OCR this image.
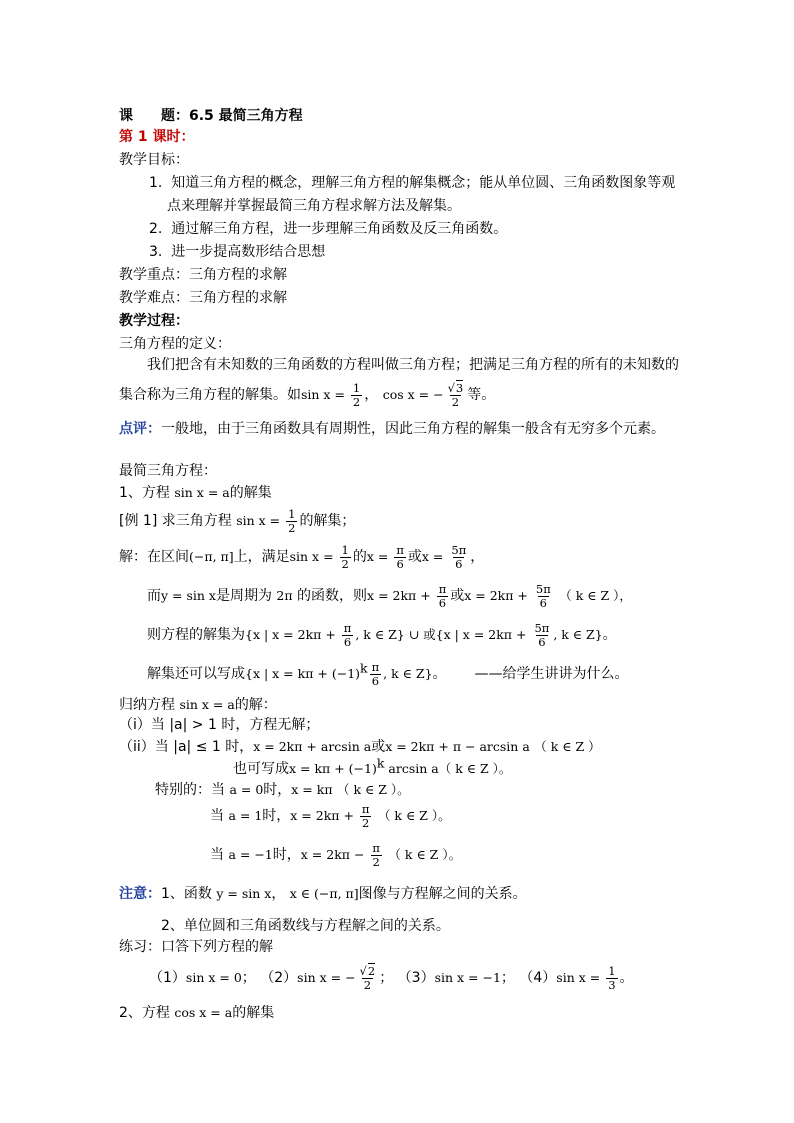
课　　题：6.5 最简三角方程
第 1 课时：
教学目标：
1. 知道三角方程的概念，理解三角方程的解集概念；能从单位圆、三角函数图象等观
点来理解并掌握最简三角方程求解方法及解集。
2. 通过解三角方程，进一步理解三角函数及反三角函数。
3. 进一步提高数形结合思想
教学重点：三角方程的求解
教学难点：三角方程的求解
教学过程：
三角方程的定义：
我们把含有未知数的三角函数的方程叫做三角方程；把满足三角方程的所有的未知数的
集合称为三角方程的解集。如$\sin x = \frac{1}{2}$ ， cos x = − $\frac{√3}{2}$ 等。
点评：一般地，由于三角函数具有周期性，因此三角方程的解集一般含有无穷多个元素。
最简三角方程：
1、方程 sin x = a的解集
[例 1] 求三角方程 $\sin x = \frac{1}{2}$ 的解集；
解：在区间(−π, π]上，满足$\sin x = \frac{1}{2}$ 的$x = \frac{\pi}{6}$ 或$x = \frac{5\pi}{6}$ ，
而y = sin x是周期为 2π 的函数，则$x = 2k\pi + \frac{\pi}{6}$ 或$x = 2k\pi + \frac{5\pi}{6}$ （ k ∈ Z ），
则方程的解集为{x | $x = 2k\pi + \frac{\pi}{6}$ , k ∈ Z} ∪ 或{x | $x = 2k\pi + \frac{5\pi}{6}$ , k ∈ Z}。
解集还可以写成{x | $x = k\pi + (-1)^k \frac{\pi}{6}$ , k ∈ Z}。 ——给学生讲讲为什么。
归纳方程 sin x = a的解：
（i）当 |a| > 1 时，方程无解；
（ii）当 |a| ≤ 1 时，x = 2kπ + arcsin a或x = 2kπ + π − arcsin a （ k ∈ Z ）
也可写成$x = k\pi + (-1)^k$ arcsin a（ k ∈ Z ）。
特别的：当 a = 0时，x = kπ （ k ∈ Z ）。
当 a = 1时，$x = 2k\pi + \frac{\pi}{2}$ （ k ∈ Z ）。
当 a = −1时，$x = 2k\pi - \frac{\pi}{2}$ （ k ∈ Z ）。
注意：1、函数 y = sin x， x ∈ (−π, π]图像与方程解之间的关系。
2、单位圆和三角函数线与方程解之间的关系。
练习：口答下列方程的解
（1）sin x = 0； （2）sin x = − $\frac{√2}{2}$ ； （3）sin x = −1； （4）sin $x = \frac{1}{3}$ 。
2、方程 cos x = a的解集
